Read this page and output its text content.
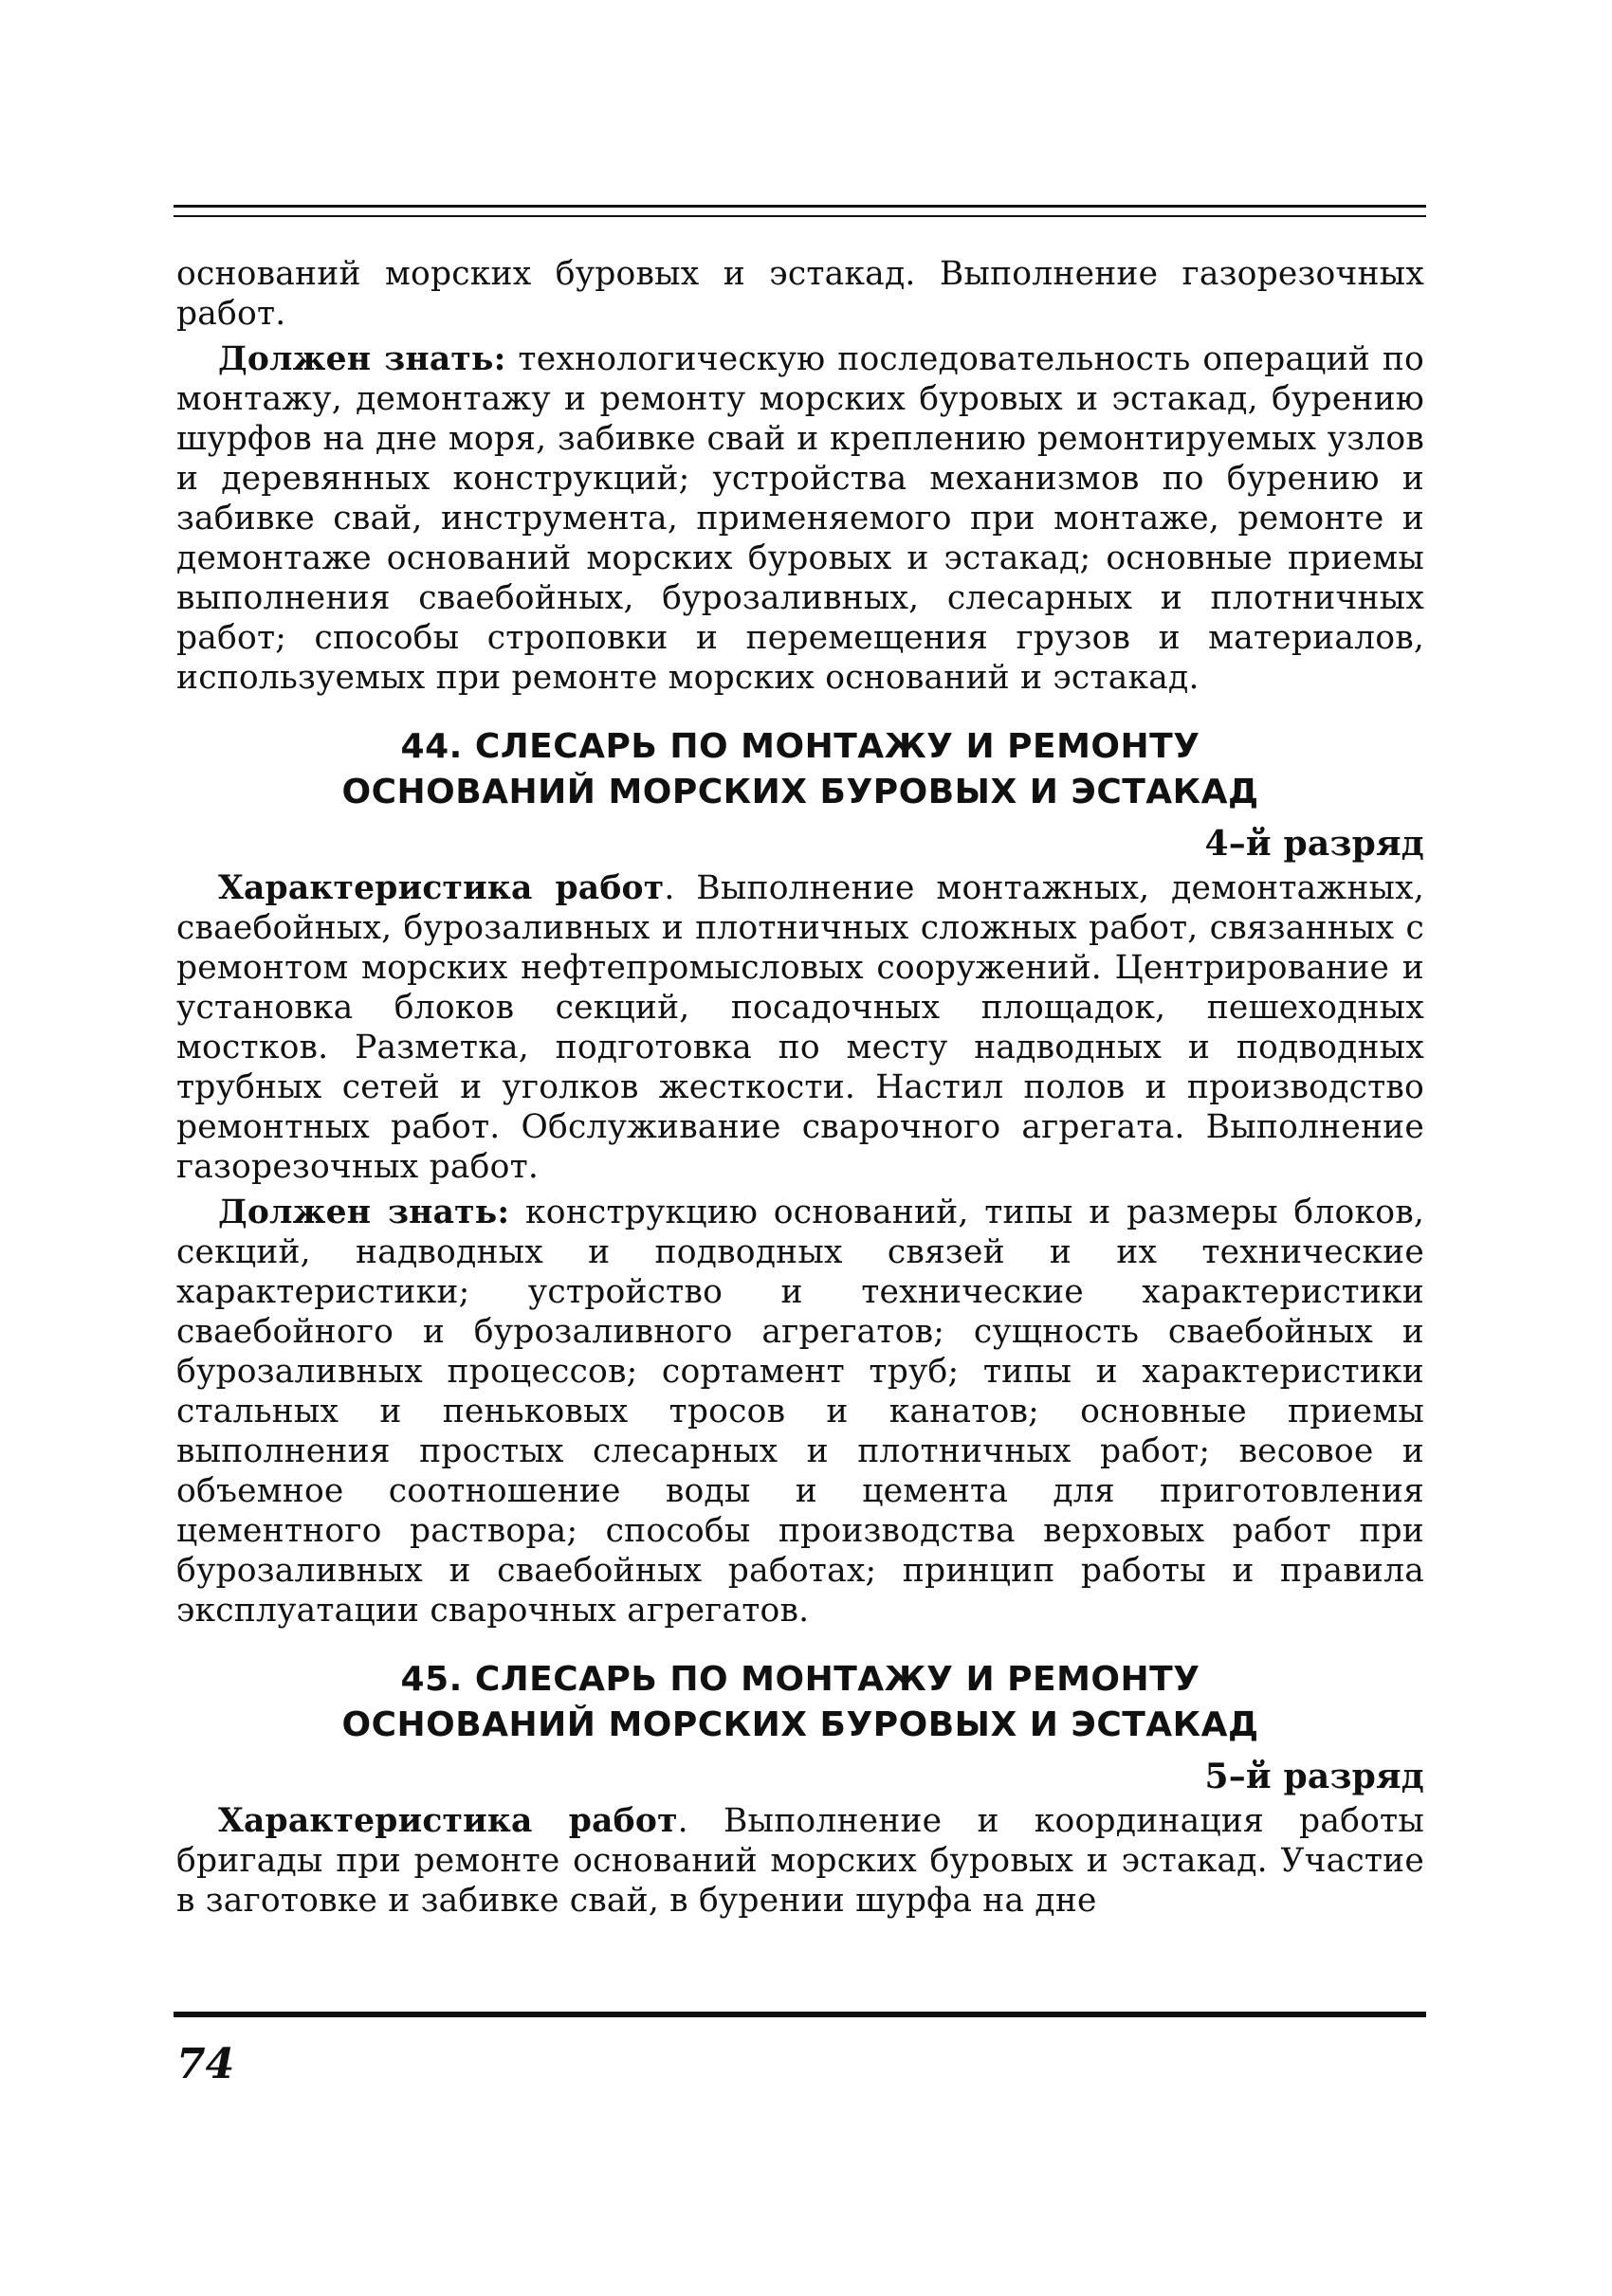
оснований морских буровых и эстакад. Выполнение газорезочных работ.

Должен знать: технологическую последовательность операций по монтажу, демонтажу и ремонту морских буровых и эстакад, бурению шурфов на дне моря, забивке свай и креплению ремонтируемых узлов и деревянных конструкций; устройства механизмов по бурению и забивке свай, инструмента, применяемого при монтаже, ремонте и демонтаже оснований морских буровых и эстакад; основные приемы выполнения сваебойных, бурозаливных, слесарных и плотничных работ; способы строповки и перемещения грузов и материалов, используемых при ремонте морских оснований и эстакад.

44. СЛЕСАРЬ ПО МОНТАЖУ И РЕМОНТУ
ОСНОВАНИЙ МОРСКИХ БУРОВЫХ И ЭСТАКАД
4–й разряд

Характеристика работ. Выполнение монтажных, демонтажных, сваебойных, бурозаливных и плотничных сложных работ, связанных с ремонтом морских нефтепромысловых сооружений. Центрирование и установка блоков секций, посадочных площадок, пешеходных мостков. Разметка, подготовка по месту надводных и подводных трубных сетей и уголков жесткости. Настил полов и производство ремонтных работ. Обслуживание сварочного агрегата. Выполнение газорезочных работ.

Должен знать: конструкцию оснований, типы и размеры блоков, секций, надводных и подводных связей и их технические характеристики; устройство и технические характеристики сваебойного и бурозаливного агрегатов; сущность сваебойных и бурозаливных процессов; сортамент труб; типы и характеристики стальных и пеньковых тросов и канатов; основные приемы выполнения простых слесарных и плотничных работ; весовое и объемное соотношение воды и цемента для приготовления цементного раствора; способы производства верховых работ при бурозаливных и сваебойных работах; принцип работы и правила эксплуатации сварочных агрегатов.

45. СЛЕСАРЬ ПО МОНТАЖУ И РЕМОНТУ
ОСНОВАНИЙ МОРСКИХ БУРОВЫХ И ЭСТАКАД
5–й разряд

Характеристика работ. Выполнение и координация работы бригады при ремонте оснований морских буровых и эстакад. Участие в заготовке и забивке свай, в бурении шурфа на дне

74
